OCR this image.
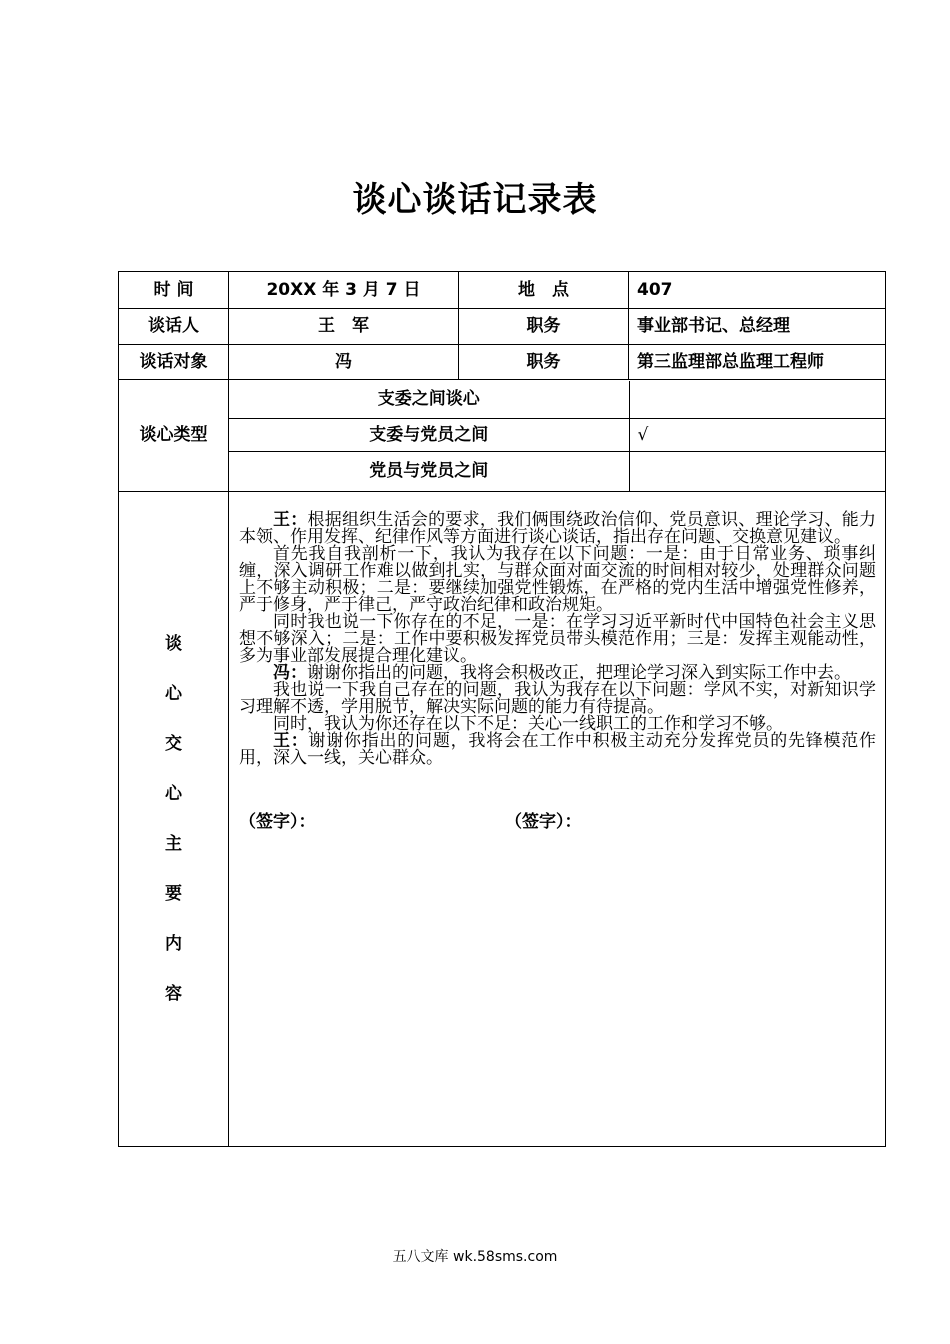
谈心谈话记录表
时 间	20XX 年 3 月 7 日	地　点	407
谈话人	王　军	职务	事业部书记、总经理
谈话对象	冯	职务	第三监理部总监理工程师
谈心类型	
支委之间谈心	
支委与党员之间	√
党员与党员之间	

谈
心
交
心
主
要
内
容

王：根据组织生活会的要求，我们俩围绕政治信仰、党员意识、理论学习、能力本领、作用发挥、纪律作风等方面进行谈心谈话，指出存在问题、交换意见建议。

首先我自我剖析一下，我认为我存在以下问题：一是：由于日常业务、琐事纠缠，深入调研工作难以做到扎实，与群众面对面交流的时间相对较少，处理群众问题上不够主动积极；二是：要继续加强党性锻炼，在严格的党内生活中增强党性修养，严于修身，严于律己，严守政治纪律和政治规矩。

同时我也说一下你存在的不足，一是：在学习习近平新时代中国特色社会主义思想不够深入；二是：工作中要积极发挥党员带头模范作用；三是：发挥主观能动性，多为事业部发展提合理化建议。

冯：谢谢你指出的问题，我将会积极改正，把理论学习深入到实际工作中去。

我也说一下我自己存在的问题，我认为我存在以下问题：学风不实，对新知识学习理解不透，学用脱节，解决实际问题的能力有待提高。

同时，我认为你还存在以下不足：关心一线职工的工作和学习不够。

王：谢谢你指出的问题，我将会在工作中积极主动充分发挥党员的先锋模范作用，深入一线，关心群众。

（签字）：	（签字）：
五八文库 wk.58sms.com
